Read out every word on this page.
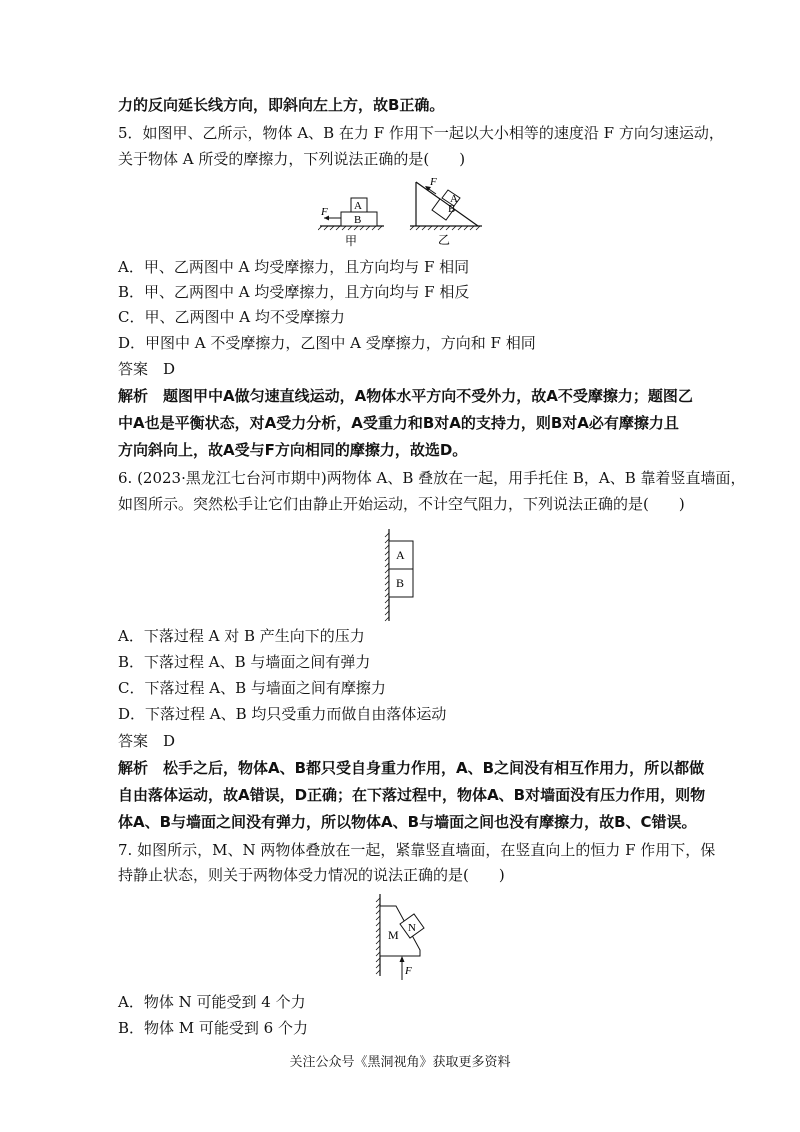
力的反向延长线方向，即斜向左上方，故B正确。
5．如图甲、乙所示，物体 A、B 在力 F 作用下一起以大小相等的速度沿 F 方向匀速运动，
关于物体 A 所受的摩擦力，下列说法正确的是(　　)
A
B
F
甲
B
A
F
乙
A．甲、乙两图中 A 均受摩擦力，且方向均与 F 相同
B．甲、乙两图中 A 均受摩擦力，且方向均与 F 相反
C．甲、乙两图中 A 均不受摩擦力
D．甲图中 A 不受摩擦力，乙图中 A 受摩擦力，方向和 F 相同
答案　D
解析　题图甲中A做匀速直线运动，A物体水平方向不受外力，故A不受摩擦力；题图乙
中A也是平衡状态，对A受力分析，A受重力和B对A的支持力，则B对A必有摩擦力且
方向斜向上，故A受与F方向相同的摩擦力，故选D。
6. (2023·黑龙江七台河市期中)两物体 A、B 叠放在一起，用手托住 B，A、B 靠着竖直墙面，
如图所示。突然松手让它们由静止开始运动，不计空气阻力，下列说法正确的是(　　)
A
B
A．下落过程 A 对 B 产生向下的压力
B．下落过程 A、B 与墙面之间有弹力
C．下落过程 A、B 与墙面之间有摩擦力
D．下落过程 A、B 均只受重力而做自由落体运动
答案　D
解析　松手之后，物体A、B都只受自身重力作用，A、B之间没有相互作用力，所以都做
自由落体运动，故A错误，D正确；在下落过程中，物体A、B对墙面没有压力作用，则物
体A、B与墙面之间没有弹力，所以物体A、B与墙面之间也没有摩擦力，故B、C错误。
7. 如图所示，M、N 两物体叠放在一起，紧靠竖直墙面，在竖直向上的恒力 F 作用下，保
持静止状态，则关于两物体受力情况的说法正确的是(　　)
M N
F
A．物体 N 可能受到 4 个力
B．物体 M 可能受到 6 个力
关注公众号《黑洞视角》获取更多资料
